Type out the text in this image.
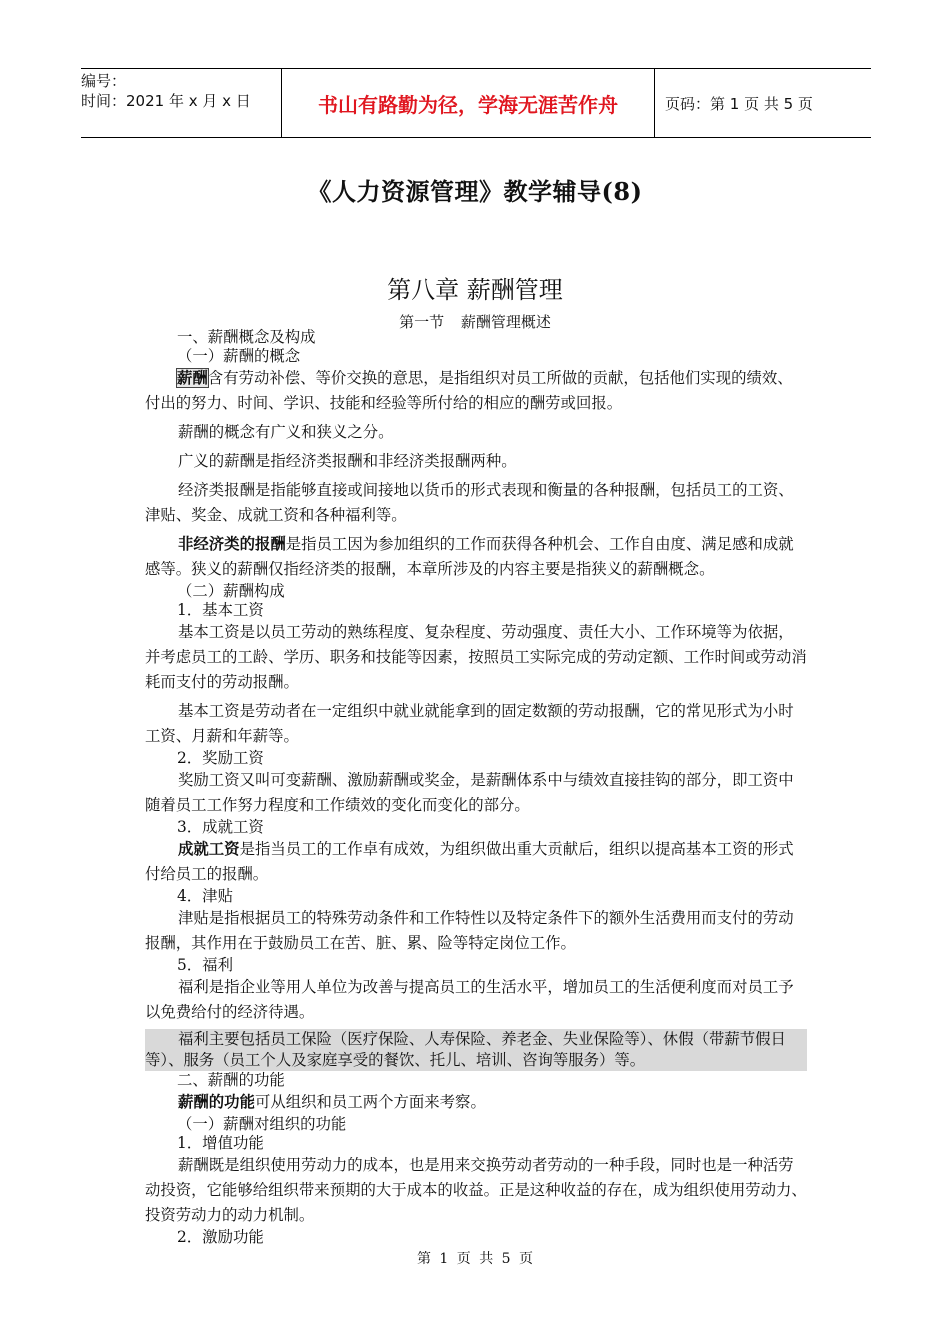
编号：
时间：2021 年 x 月 x 日	书山有路勤为径，学海无涯苦作舟	页码：第 1 页 共 5 页
《人力资源管理》教学辅导(8)
第八章 薪酬管理
第一节 薪酬管理概述

一、薪酬概念及构成

（一）薪酬的概念

薪酬含有劳动补偿、等价交换的意思，是指组织对员工所做的贡献，包括他们实现的绩效、付出的努力、时间、学识、技能和经验等所付给的相应的酬劳或回报。

薪酬的概念有广义和狭义之分。

广义的薪酬是指经济类报酬和非经济类报酬两种。

经济类报酬是指能够直接或间接地以货币的形式表现和衡量的各种报酬，包括员工的工资、津贴、奖金、成就工资和各种福利等。

非经济类的报酬是指员工因为参加组织的工作而获得各种机会、工作自由度、满足感和成就感等。狭义的薪酬仅指经济类的报酬，本章所涉及的内容主要是指狭义的薪酬概念。

（二）薪酬构成

1．基本工资

基本工资是以员工劳动的熟练程度、复杂程度、劳动强度、责任大小、工作环境等为依据，并考虑员工的工龄、学历、职务和技能等因素，按照员工实际完成的劳动定额、工作时间或劳动消耗而支付的劳动报酬。

基本工资是劳动者在一定组织中就业就能拿到的固定数额的劳动报酬，它的常见形式为小时工资、月薪和年薪等。

2．奖励工资

奖励工资又叫可变薪酬、激励薪酬或奖金，是薪酬体系中与绩效直接挂钩的部分，即工资中随着员工工作努力程度和工作绩效的变化而变化的部分。

3．成就工资

成就工资是指当员工的工作卓有成效，为组织做出重大贡献后，组织以提高基本工资的形式付给员工的报酬。

4．津贴

津贴是指根据员工的特殊劳动条件和工作特性以及特定条件下的额外生活费用而支付的劳动报酬，其作用在于鼓励员工在苦、脏、累、险等特定岗位工作。

5．福利

福利是指企业等用人单位为改善与提高员工的生活水平，增加员工的生活便利度而对员工予以免费给付的经济待遇。

福利主要包括员工保险（医疗保险、人寿保险、养老金、失业保险等）、休假（带薪节假日等）、服务（员工个人及家庭享受的餐饮、托儿、培训、咨询等服务）等。

二、薪酬的功能

薪酬的功能可从组织和员工两个方面来考察。

（一）薪酬对组织的功能

1．增值功能

薪酬既是组织使用劳动力的成本，也是用来交换劳动者劳动的一种手段，同时也是一种活劳动投资，它能够给组织带来预期的大于成本的收益。正是这种收益的存在，成为组织使用劳动力、投资劳动力的动力机制。

2．激励功能

第 1 页 共 5 页
